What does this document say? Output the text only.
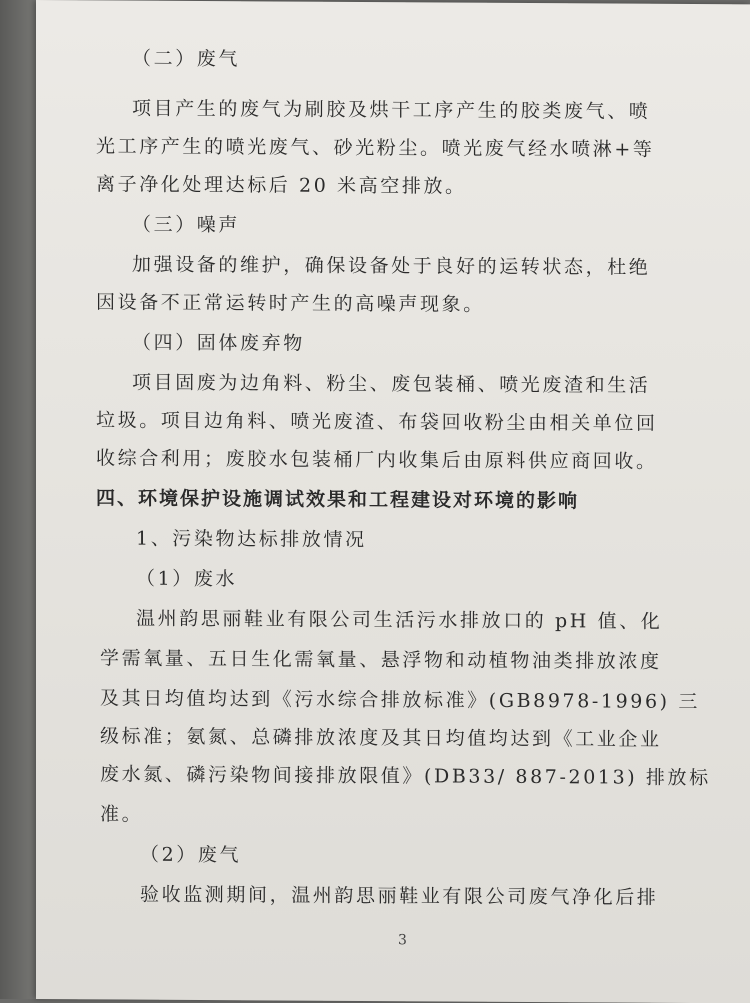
（二）废气
项目产生的废气为刷胶及烘干工序产生的胶类废气、喷
光工序产生的喷光废气、砂光粉尘。喷光废气经水喷淋+等
离子净化处理达标后 20 米高空排放。
（三）噪声
加强设备的维护，确保设备处于良好的运转状态，杜绝
因设备不正常运转时产生的高噪声现象。
（四）固体废弃物
项目固废为边角料、粉尘、废包装桶、喷光废渣和生活
垃圾。项目边角料、喷光废渣、布袋回收粉尘由相关单位回
收综合利用；废胶水包装桶厂内收集后由原料供应商回收。
四、环境保护设施调试效果和工程建设对环境的影响
1、污染物达标排放情况
（1）废水
温州韵思丽鞋业有限公司生活污水排放口的 pH 值、化
学需氧量、五日生化需氧量、悬浮物和动植物油类排放浓度
及其日均值均达到《污水综合排放标准》(GB8978-1996) 三
级标准；氨氮、总磷排放浓度及其日均值均达到《工业企业
废水氮、磷污染物间接排放限值》(DB33/ 887-2013) 排放标
准。
（2）废气
验收监测期间，温州韵思丽鞋业有限公司废气净化后排
3
